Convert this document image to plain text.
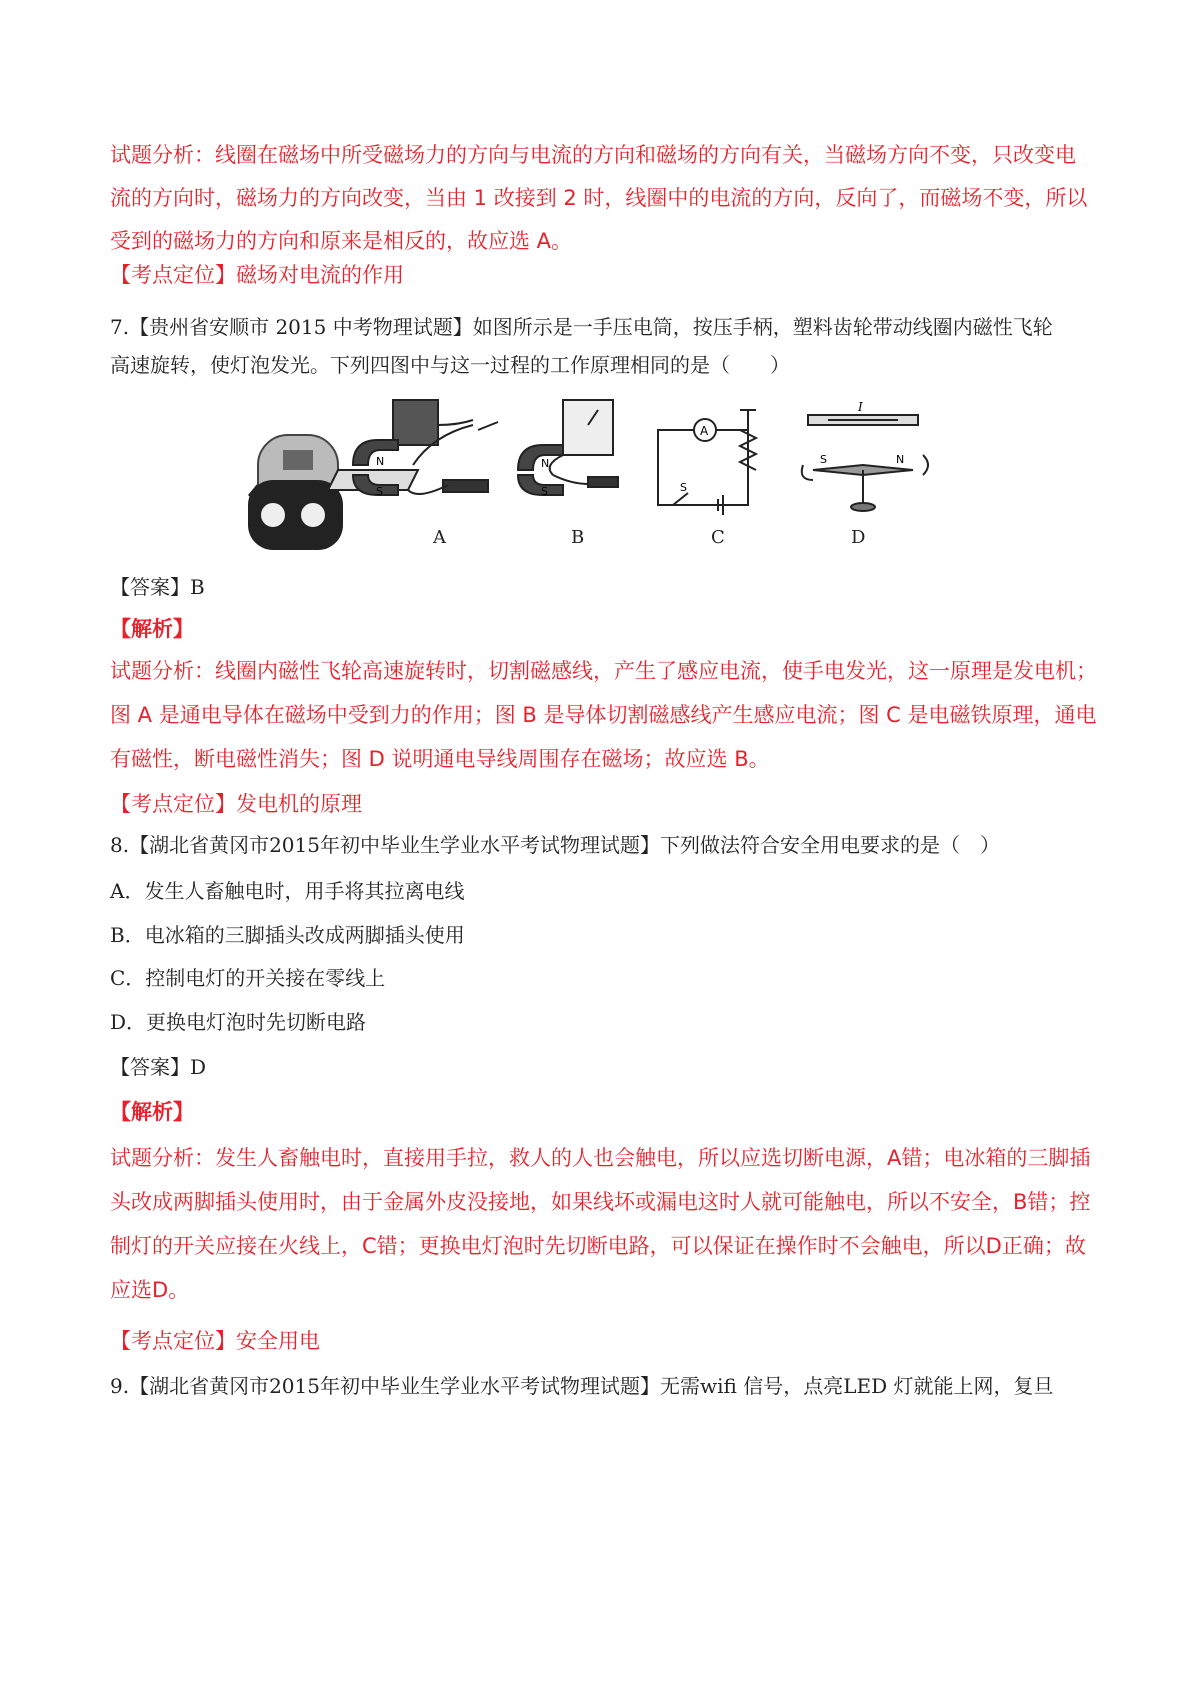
试题分析：线圈在磁场中所受磁场力的方向与电流的方向和磁场的方向有关，当磁场方向不变，只改变电
流的方向时，磁场力的方向改变，当由 1 改接到 2 时，线圈中的电流的方向，反向了，而磁场不变，所以
受到的磁场力的方向和原来是相反的，故应选 A。
【考点定位】磁场对电流的作用
7.【贵州省安顺市 2015 中考物理试题】如图所示是一手压电筒，按压手柄，塑料齿轮带动线圈内磁性飞轮
高速旋转，使灯泡发光。下列四图中与这一过程的工作原理相同的是（　　）
A	B	C	D
N
S
N
S
A
S
I
S	N
【答案】B
【解析】
试题分析：线圈内磁性飞轮高速旋转时，切割磁感线，产生了感应电流，使手电发光，这一原理是发电机；
图 A 是通电导体在磁场中受到力的作用；图 B 是导体切割磁感线产生感应电流；图 C 是电磁铁原理，通电
有磁性，断电磁性消失；图 D 说明通电导线周围存在磁场；故应选 B。
【考点定位】发电机的原理
8.【湖北省黄冈市2015年初中毕业生学业水平考试物理试题】下列做法符合安全用电要求的是（　）
A．发生人畜触电时，用手将其拉离电线
B．电冰箱的三脚插头改成两脚插头使用
C．控制电灯的开关接在零线上
D．更换电灯泡时先切断电路
【答案】D
【解析】
试题分析：发生人畜触电时，直接用手拉，救人的人也会触电，所以应选切断电源，A错；电冰箱的三脚插
头改成两脚插头使用时，由于金属外皮没接地，如果线坏或漏电这时人就可能触电，所以不安全，B错；控
制灯的开关应接在火线上，C错；更换电灯泡时先切断电路，可以保证在操作时不会触电，所以D正确；故
应选D。
【考点定位】安全用电
9.【湖北省黄冈市2015年初中毕业生学业水平考试物理试题】无需wifi 信号，点亮LED 灯就能上网，复旦
